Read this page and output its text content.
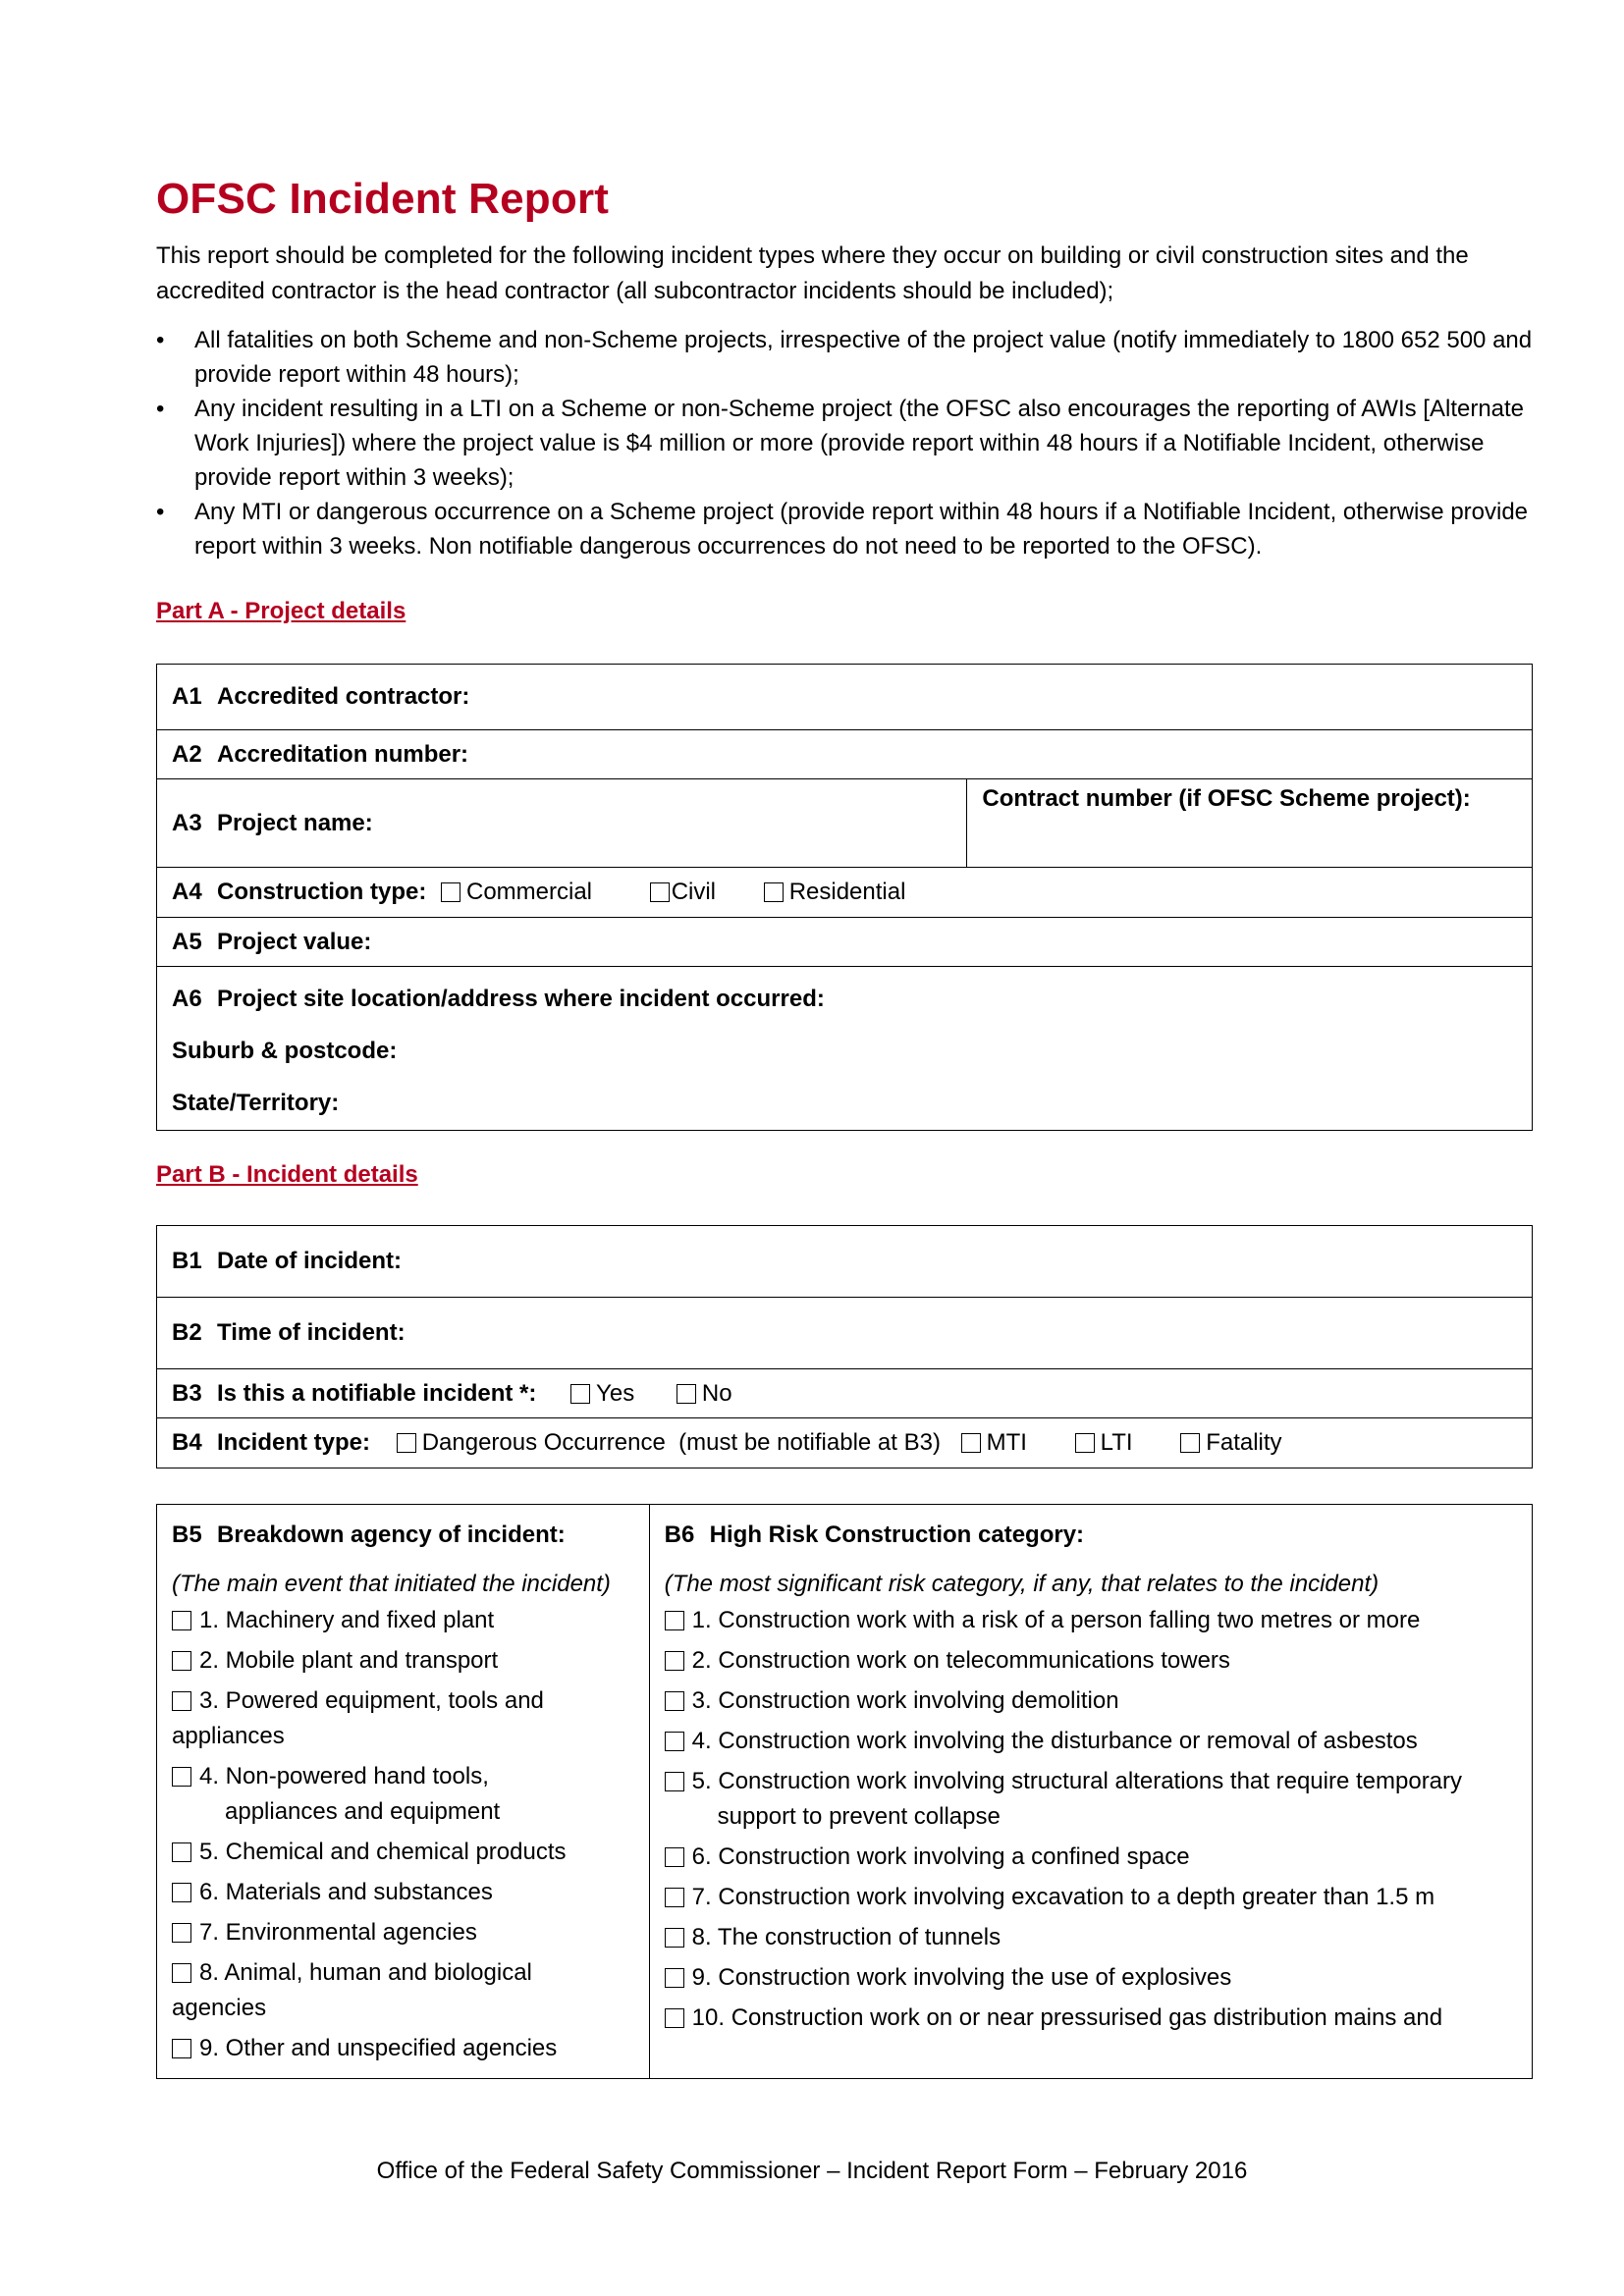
OFSC Incident Report
This report should be completed for the following incident types where they occur on building or civil construction sites and the accredited contractor is the head contractor (all subcontractor incidents should be included);
• All fatalities on both Scheme and non-Scheme projects, irrespective of the project value (notify immediately to 1800 652 500 and provide report within 48 hours);
• Any incident resulting in a LTI on a Scheme or non-Scheme project (the OFSC also encourages the reporting of AWIs [Alternate Work Injuries]) where the project value is $4 million or more (provide report within 48 hours if a Notifiable Incident, otherwise provide report within 3 weeks);
• Any MTI or dangerous occurrence on a Scheme project (provide report within 48 hours if a Notifiable Incident, otherwise provide report within 3 weeks. Non notifiable dangerous occurrences do not need to be reported to the OFSC).
Part A - Project details
A1 Accredited contractor:
A2 Accreditation number:
A3 Project name:	Contract number (if OFSC Scheme project):
A4 Construction type: Commercial	Civil	Residential
A5 Project value:

A6 Project site location/address where incident occurred:
Suburb & postcode:
State/Territory:
Part B - Incident details
B1 Date of incident:
B2 Time of incident:
B3 Is this a notifiable incident *:	Yes	No
B4 Incident type: Dangerous Occurrence  (must be notifiable at B3) MTI	LTI	Fatality
B5 Breakdown agency of incident:
(The main event that initiated the incident)
1. Machinery and fixed plant
2. Mobile plant and transport
3. Powered equipment, tools and
appliances
4. Non-powered hand tools,
appliances and equipment
5. Chemical and chemical products
6. Materials and substances
7. Environmental agencies
8. Animal, human and biological
agencies
9. Other and unspecified agencies

B6 High Risk Construction category:
(The most significant risk category, if any, that relates to the incident)
1. Construction work with a risk of a person falling two metres or more
2. Construction work on telecommunications towers
3. Construction work involving demolition
4. Construction work involving the disturbance or removal of asbestos
5. Construction work involving structural alterations that require temporary
support to prevent collapse
6. Construction work involving a confined space
7. Construction work involving excavation to a depth greater than 1.5 m
8. The construction of tunnels
9. Construction work involving the use of explosives
10. Construction work on or near pressurised gas distribution mains and
Office of the Federal Safety Commissioner – Incident Report Form – February 2016
